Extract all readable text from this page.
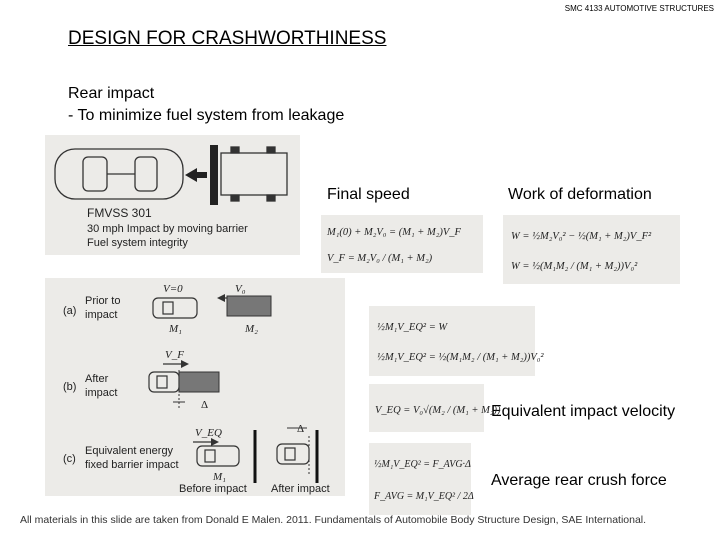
SMC 4133 AUTOMOTIVE STRUCTURES
DESIGN FOR CRASHWORTHINESS
Rear impact
- To minimize fuel system from leakage
FMVSS 301
30 mph Impact by moving barrier
Fuel system integrity
(a)
Prior to
impact
V=0
M₁
V₀
M₂
(b)
After
impact
V_F
Δ
(c)
Equivalent energy
fixed barrier impact
V_EQ
M₁
Before impact
Δ
After impact
Final speed	Work of deformation
Equivalent impact velocity
Average rear crush force
M₁(0) + M₂V₀ = (M₁ + M₂)V_F
V_F = M₂V₀ / (M₁ + M₂)
W = ½M₂V₀² − ½(M₁ + M₂)V_F²
W = ½(M₁M₂ / (M₁ + M₂))V₀²
½M₁V_EQ² = W
½M₁V_EQ² = ½(M₁M₂ / (M₁ + M₂))V₀²
V_EQ = V₀√(M₂ / (M₁ + M₂))
½M₁V_EQ² = F_AVG·Δ
F_AVG = M₁V_EQ² / 2Δ
All materials in this slide are taken from Donald E Malen. 2011. Fundamentals of Automobile Body Structure Design, SAE International.
